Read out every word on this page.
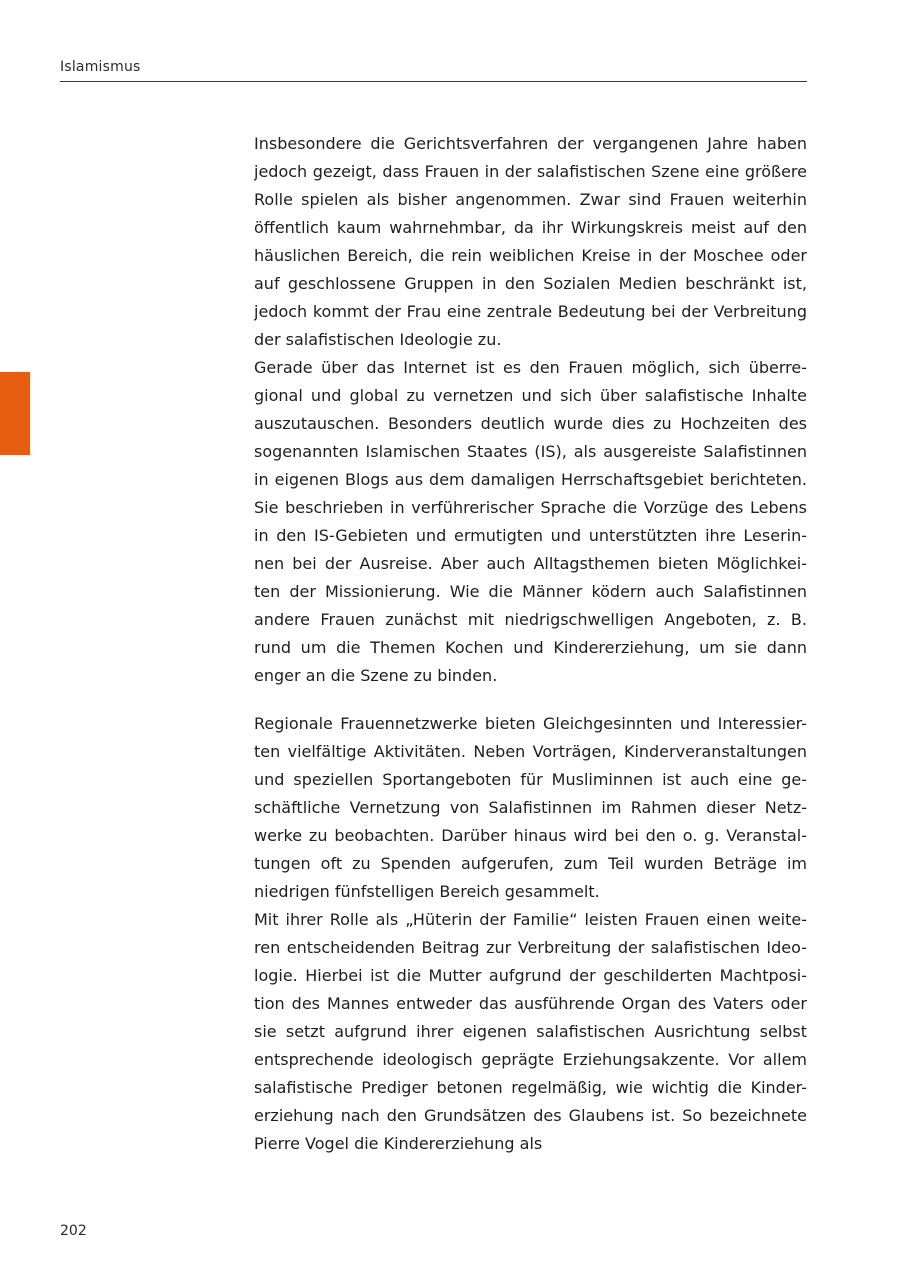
Islamismus
Insbesondere die Gerichtsverfahren der vergangenen Jahre haben
jedoch gezeigt, dass Frauen in der salafistischen Szene eine größere
Rolle spielen als bisher angenommen. Zwar sind Frauen weiterhin
öffentlich kaum wahrnehmbar, da ihr Wirkungskreis meist auf den
häuslichen Bereich, die rein weiblichen Kreise in der Moschee oder
auf geschlossene Gruppen in den Sozialen Medien beschränkt ist,
jedoch kommt der Frau eine zentrale Bedeutung bei der Verbreitung
der salafistischen Ideologie zu.
Gerade über das Internet ist es den Frauen möglich, sich überre-
gional und global zu vernetzen und sich über salafistische Inhalte
auszutauschen. Besonders deutlich wurde dies zu Hochzeiten des
sogenannten Islamischen Staates (IS), als ausgereiste Salafistinnen
in eigenen Blogs aus dem damaligen Herrschaftsgebiet berichteten.
Sie beschrieben in verführerischer Sprache die Vorzüge des Lebens
in den IS-Gebieten und ermutigten und unterstützten ihre Leserin-
nen bei der Ausreise. Aber auch Alltagsthemen bieten Möglichkei-
ten der Missionierung. Wie die Männer ködern auch Salafistinnen
andere Frauen zunächst mit niedrigschwelligen Angeboten, z. B.
rund um die Themen Kochen und Kindererziehung, um sie dann
enger an die Szene zu binden.
Regionale Frauennetzwerke bieten Gleichgesinnten und Interessier-
ten vielfältige Aktivitäten. Neben Vorträgen, Kinderveranstaltungen
und speziellen Sportangeboten für Musliminnen ist auch eine ge-
schäftliche Vernetzung von Salafistinnen im Rahmen dieser Netz-
werke zu beobachten. Darüber hinaus wird bei den o. g. Veranstal-
tungen oft zu Spenden aufgerufen, zum Teil wurden Beträge im
niedrigen fünfstelligen Bereich gesammelt.
Mit ihrer Rolle als „Hüterin der Familie“ leisten Frauen einen weite-
ren entscheidenden Beitrag zur Verbreitung der salafistischen Ideo-
logie. Hierbei ist die Mutter aufgrund der geschilderten Machtposi-
tion des Mannes entweder das ausführende Organ des Vaters oder
sie setzt aufgrund ihrer eigenen salafistischen Ausrichtung selbst
entsprechende ideologisch geprägte Erziehungsakzente. Vor allem
salafistische Prediger betonen regelmäßig, wie wichtig die Kinder-
erziehung nach den Grundsätzen des Glaubens ist. So bezeichnete
Pierre Vogel die Kindererziehung als
202
